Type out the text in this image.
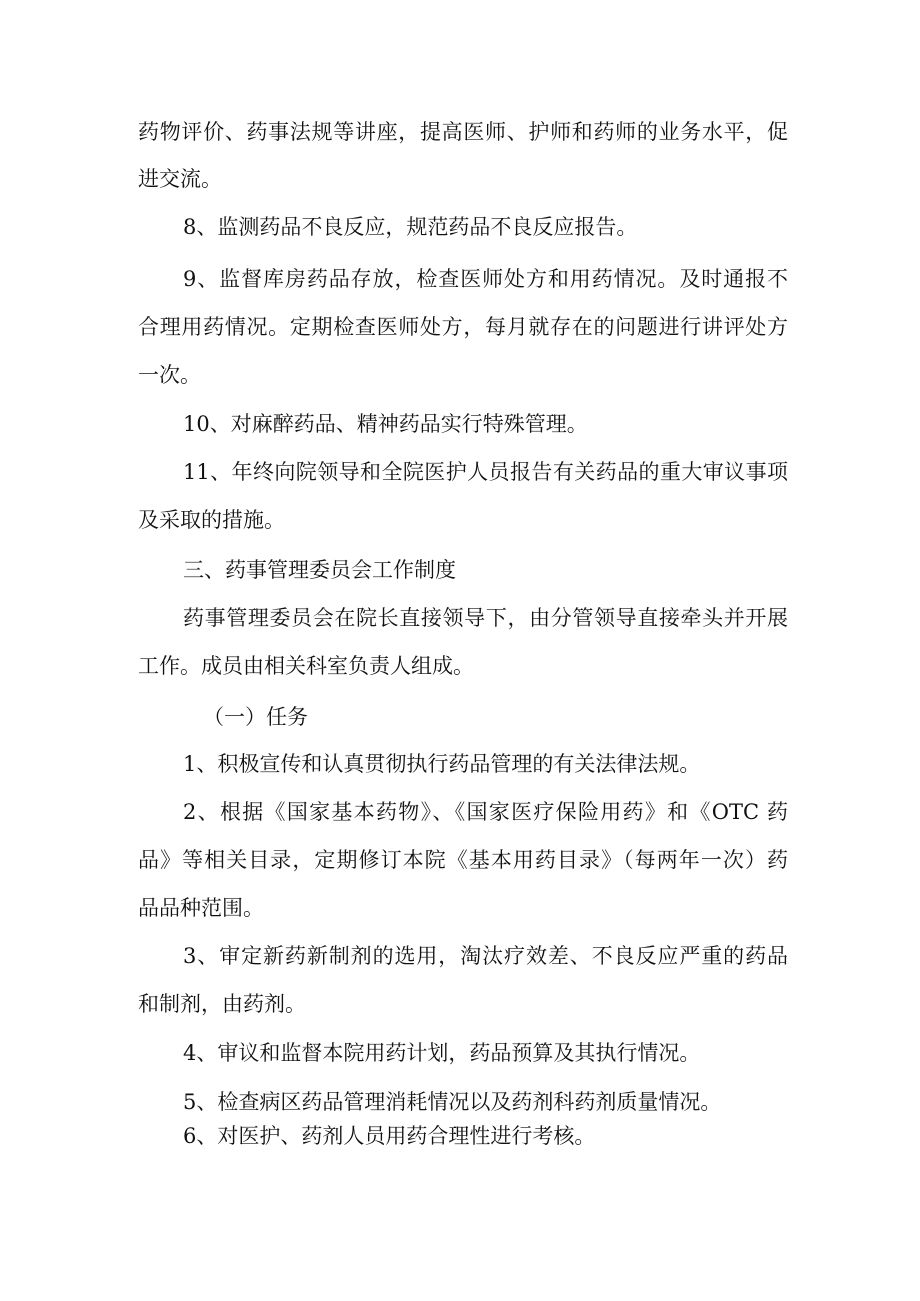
药物评价、药事法规等讲座，提高医师、护师和药师的业务水平，促
进交流。
8、监测药品不良反应，规范药品不良反应报告。
9、监督库房药品存放，检查医师处方和用药情况。及时通报不
合理用药情况。定期检查医师处方，每月就存在的问题进行讲评处方
一次。
10、对麻醉药品、精神药品实行特殊管理。
11、年终向院领导和全院医护人员报告有关药品的重大审议事项
及采取的措施。
三、药事管理委员会工作制度
药事管理委员会在院长直接领导下，由分管领导直接牵头并开展
工作。成员由相关科室负责人组成。
（一）任务
1、积极宣传和认真贯彻执行药品管理的有关法律法规。
2、根据《国家基本药物》、《国家医疗保险用药》和《OTC 药
品》等相关目录，定期修订本院《基本用药目录》（每两年一次）药
品品种范围。
3、审定新药新制剂的选用，淘汰疗效差、不良反应严重的药品
和制剂，由药剂。
4、审议和监督本院用药计划，药品预算及其执行情况。
5、检查病区药品管理消耗情况以及药剂科药剂质量情况。
6、对医护、药剂人员用药合理性进行考核。
